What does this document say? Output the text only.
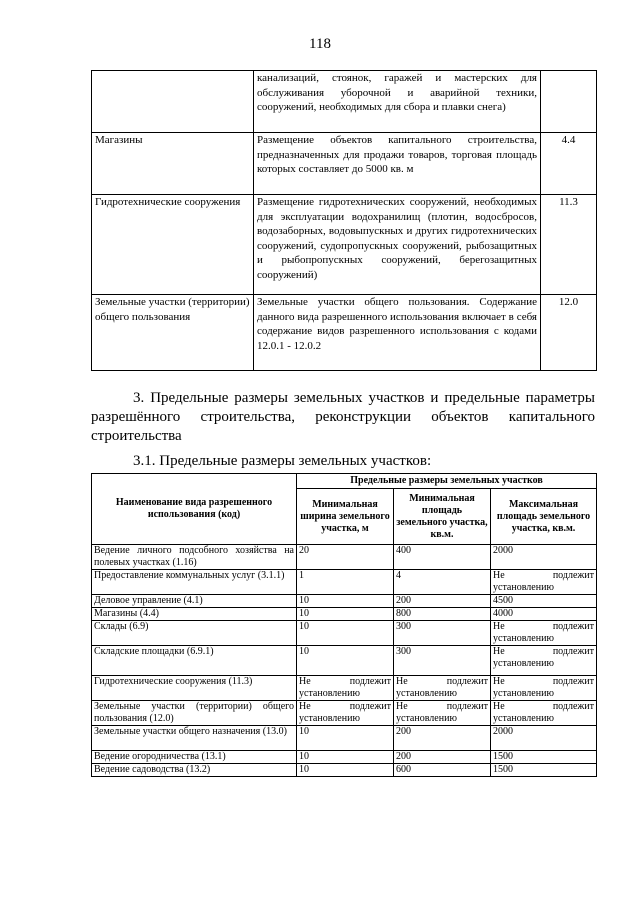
118
	канализаций, стоянок, гаражей и мастерских для обслуживания уборочной и аварийной техники, сооружений, необходимых для сбора и плавки снега)	
Магазины	Размещение объектов капитального строительства, предназначенных для продажи товаров, торговая площадь которых составляет до 5000 кв. м	4.4
Гидротехнические сооружения	Размещение гидротехнических сооружений, необходимых для эксплуатации водохранилищ (плотин, водосбросов, водозаборных, водовыпускных и других гидротехнических сооружений, судопропускных сооружений, рыбозащитных и рыбопропускных сооружений, берегозащитных сооружений)	11.3
Земельные участки (территории) общего пользования	Земельные участки общего пользования. Содержание данного вида разрешенного использования включает в себя содержание видов разрешенного использования с кодами 12.0.1 - 12.0.2	12.0
3. Предельные размеры земельных участков и предельные параметры разрешённого строительства, реконструкции объектов капитального строительства
3.1. Предельные размеры земельных участков:
Наименование вида разрешенного использования (код)	Предельные размеры земельных участков		
	Минимальная ширина земельного участка, м	Минимальная площадь земельного участка, кв.м.	Максимальная площадь земельного участка, кв.м.
Ведение личного подсобного хозяйства на полевых участках (1.16)	20	400	2000

Предоставление коммунальных услуг (3.1.1)	1	4	Не подлежит установлению

Деловое управление (4.1)	10	200	4500

Магазины (4.4)	10	800	4000

Склады (6.9)	10	300	Не подлежит установлению

Складские площадки (6.9.1)	10	300	Не подлежит установлению

Гидротехнические сооружения (11.3)	Не подлежит установлению	Не подлежит установлению	Не подлежит установлению

Земельные участки (территории) общего пользования (12.0)	Не подлежит установлению	Не подлежит установлению	Не подлежит установлению

Земельные участки общего назначения (13.0)	10	200	2000

Ведение огородничества (13.1)	10	200	1500

Ведение садоводства (13.2)	10	600	1500
